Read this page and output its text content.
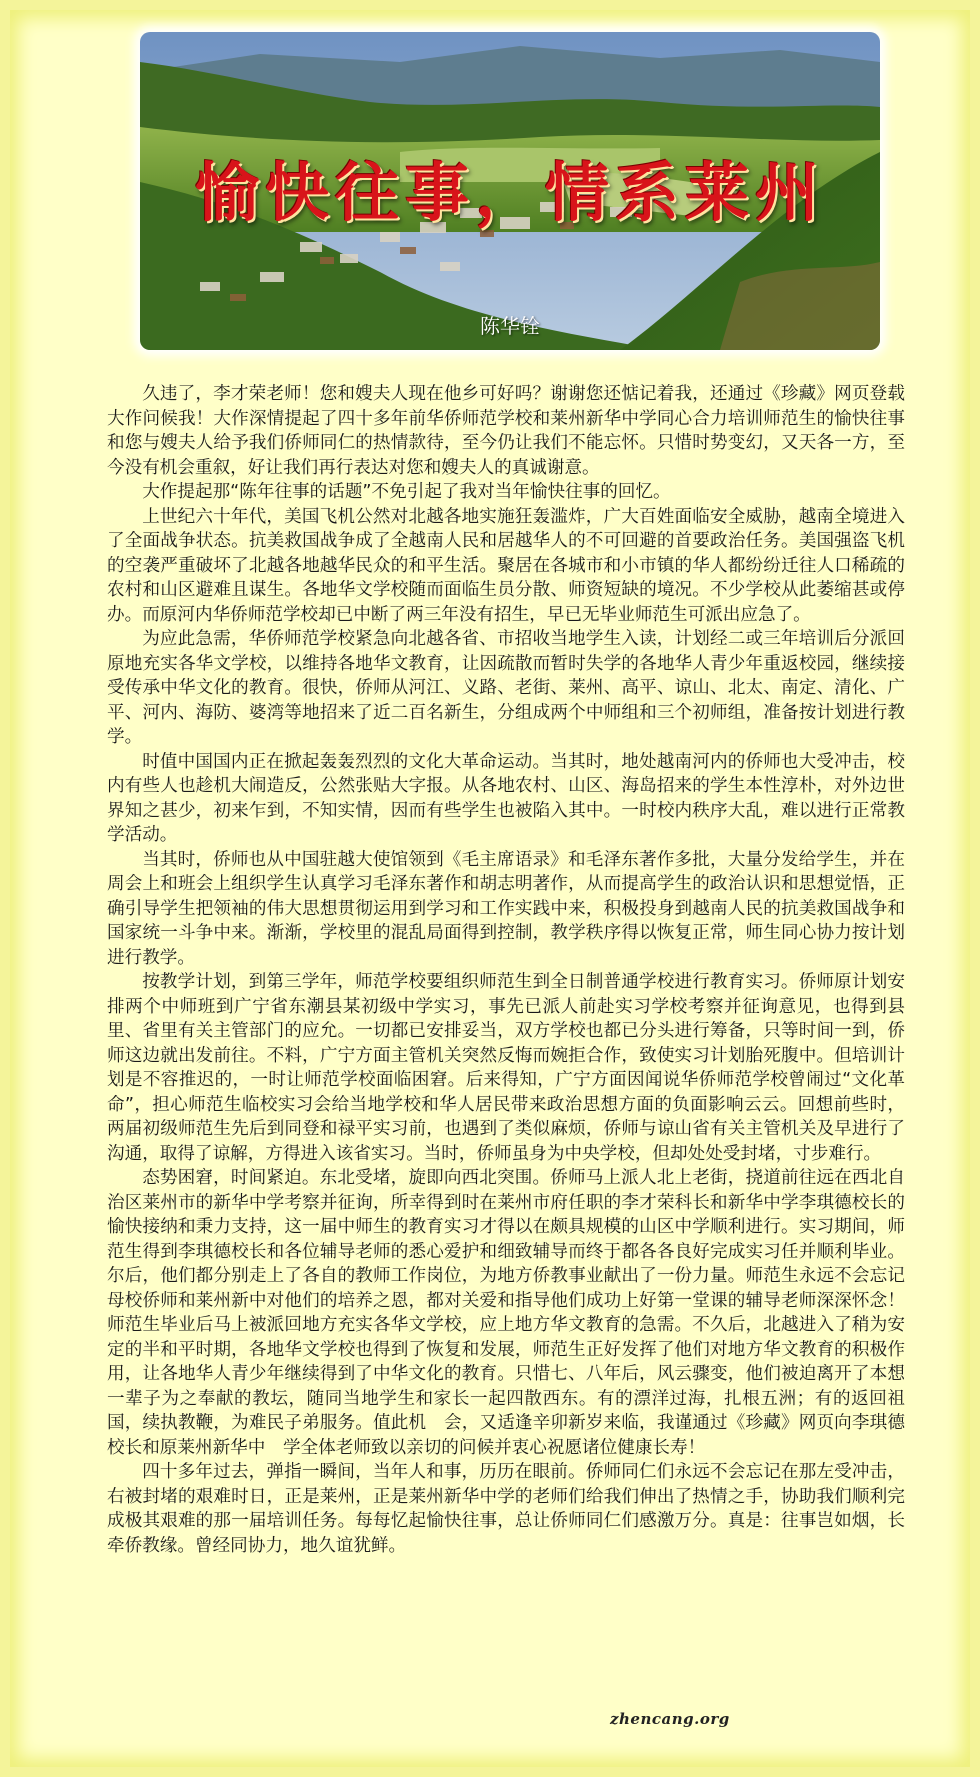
愉快往事，情系莱州
陈华铨

久违了，李才荣老师！您和嫂夫人现在他乡可好吗？谢谢您还惦记着我，还通过《珍藏》网页登载大作问候我！大作深情提起了四十多年前华侨师范学校和莱州新华中学同心合力培训师范生的愉快往事和您与嫂夫人给予我们侨师同仁的热情款待，至今仍让我们不能忘怀。只惜时势变幻，又天各一方，至今没有机会重叙，好让我们再行表达对您和嫂夫人的真诚谢意。

大作提起那“陈年往事的话题”不免引起了我对当年愉快往事的回忆。

上世纪六十年代，美国飞机公然对北越各地实施狂轰滥炸，广大百姓面临安全威胁，越南全境进入了全面战争状态。抗美救国战争成了全越南人民和居越华人的不可回避的首要政治任务。美国强盗飞机的空袭严重破坏了北越各地越华民众的和平生活。聚居在各城市和小市镇的华人都纷纷迁往人口稀疏的农村和山区避难且谋生。各地华文学校随而面临生员分散、师资短缺的境况。不少学校从此萎缩甚或停办。而原河内华侨师范学校却已中断了两三年没有招生，早已无毕业师范生可派出应急了。

为应此急需，华侨师范学校紧急向北越各省、市招收当地学生入读，计划经二或三年培训后分派回原地充实各华文学校，以维持各地华文教育，让因疏散而暂时失学的各地华人青少年重返校园，继续接受传承中华文化的教育。很快，侨师从河江、义路、老街、莱州、高平、谅山、北太、南定、清化、广平、河内、海防、婆湾等地招来了近二百名新生，分组成两个中师组和三个初师组，准备按计划进行教学。

时值中国国内正在掀起轰轰烈烈的文化大革命运动。当其时，地处越南河内的侨师也大受冲击，校内有些人也趁机大闹造反，公然张贴大字报。从各地农村、山区、海岛招来的学生本性淳朴，对外边世界知之甚少，初来乍到，不知实情，因而有些学生也被陷入其中。一时校内秩序大乱，难以进行正常教学活动。

当其时，侨师也从中国驻越大使馆领到《毛主席语录》和毛泽东著作多批，大量分发给学生，并在周会上和班会上组织学生认真学习毛泽东著作和胡志明著作，从而提高学生的政治认识和思想觉悟，正确引导学生把领袖的伟大思想贯彻运用到学习和工作实践中来，积极投身到越南人民的抗美救国战争和国家统一斗争中来。渐渐，学校里的混乱局面得到控制，教学秩序得以恢复正常，师生同心协力按计划进行教学。

按教学计划，到第三学年，师范学校要组织师范生到全日制普通学校进行教育实习。侨师原计划安排两个中师班到广宁省东潮县某初级中学实习，事先已派人前赴实习学校考察并征询意见，也得到县里、省里有关主管部门的应允。一切都已安排妥当，双方学校也都已分头进行筹备，只等时间一到，侨师这边就出发前往。不料，广宁方面主管机关突然反悔而婉拒合作，致使实习计划胎死腹中。但培训计划是不容推迟的，一时让师范学校面临困窘。后来得知，广宁方面因闻说华侨师范学校曾闹过“文化革命”，担心师范生临校实习会给当地学校和华人居民带来政治思想方面的负面影响云云。回想前些时，两届初级师范生先后到同登和禄平实习前，也遇到了类似麻烦，侨师与谅山省有关主管机关及早进行了沟通，取得了谅解，方得进入该省实习。当时，侨师虽身为中央学校，但却处处受封堵，寸步难行。

态势困窘，时间紧迫。东北受堵，旋即向西北突围。侨师马上派人北上老街，挠道前往远在西北自治区莱州市的新华中学考察并征询，所幸得到时在莱州市府任职的李才荣科长和新华中学李琪德校长的愉快接纳和秉力支持，这一届中师生的教育实习才得以在颇具规模的山区中学顺利进行。实习期间，师范生得到李琪德校长和各位辅导老师的悉心爱护和细致辅导而终于都各各良好完成实习任并顺利毕业。尔后，他们都分别走上了各自的教师工作岗位，为地方侨教事业献出了一份力量。师范生永远不会忘记母校侨师和莱州新中对他们的培养之恩，都对关爱和指导他们成功上好第一堂课的辅导老师深深怀念！师范生毕业后马上被派回地方充实各华文学校，应上地方华文教育的急需。不久后，北越进入了稍为安定的半和平时期，各地华文学校也得到了恢复和发展，师范生正好发挥了他们对地方华文教育的积极作用，让各地华人青少年继续得到了中华文化的教育。只惜七、八年后，风云骤变，他们被迫离开了本想一辈子为之奉献的教坛，随同当地学生和家长一起四散西东。有的漂洋过海，扎根五洲；有的返回祖国，续执教鞭，为难民子弟服务。值此机　会，又适逢辛卯新岁来临，我谨通过《珍藏》网页向李琪德校长和原莱州新华中　学全体老师致以亲切的问候并衷心祝愿诸位健康长寿！

四十多年过去，弹指一瞬间，当年人和事，历历在眼前。侨师同仁们永远不会忘记在那左受冲击，右被封堵的艰难时日，正是莱州，正是莱州新华中学的老师们给我们伸出了热情之手，协助我们顺利完成极其艰难的那一届培训任务。每每忆起愉快往事，总让侨师同仁们感激万分。真是：往事岂如烟，长牵侨教缘。曾经同协力，地久谊犹鲜。

zhencang.org
